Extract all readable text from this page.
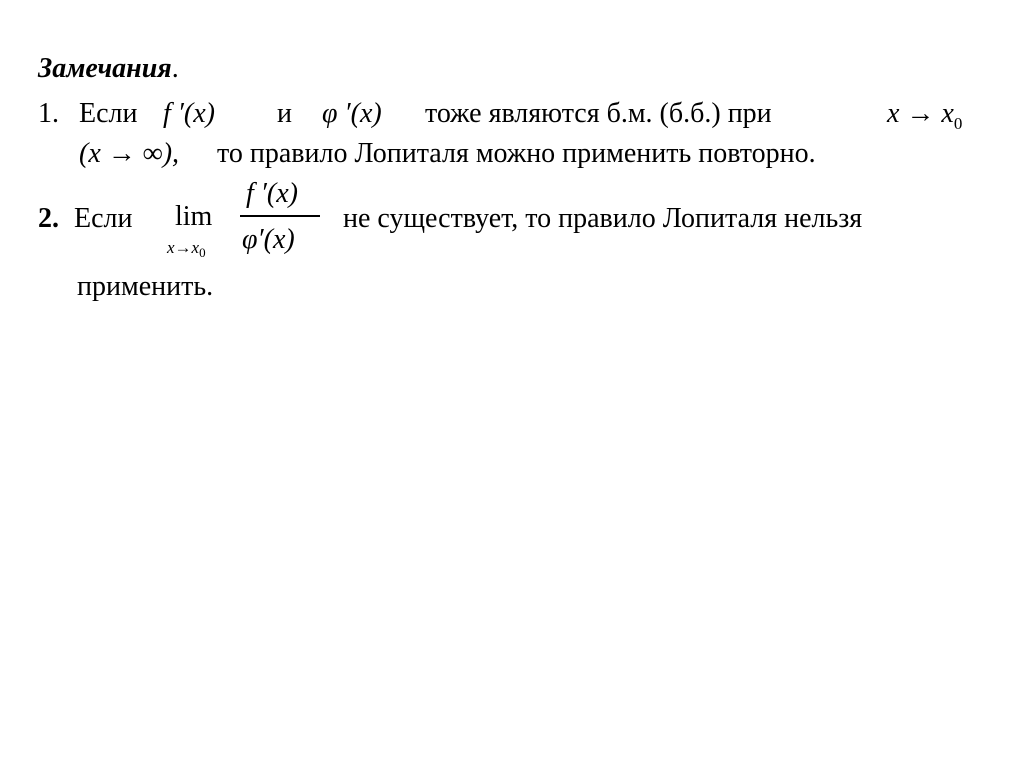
Замечания.
1. Если f ′(x) и φ ′(x) тоже являются б.м. (б.б.) при	$x \to x_0$
(x → ∞), то правило Лопиталя можно применить повторно.
2. Если lim
$x\to x_0$
f ′(x)
φ′(x)
не существует, то правило Лопиталя нельзя
применить.
